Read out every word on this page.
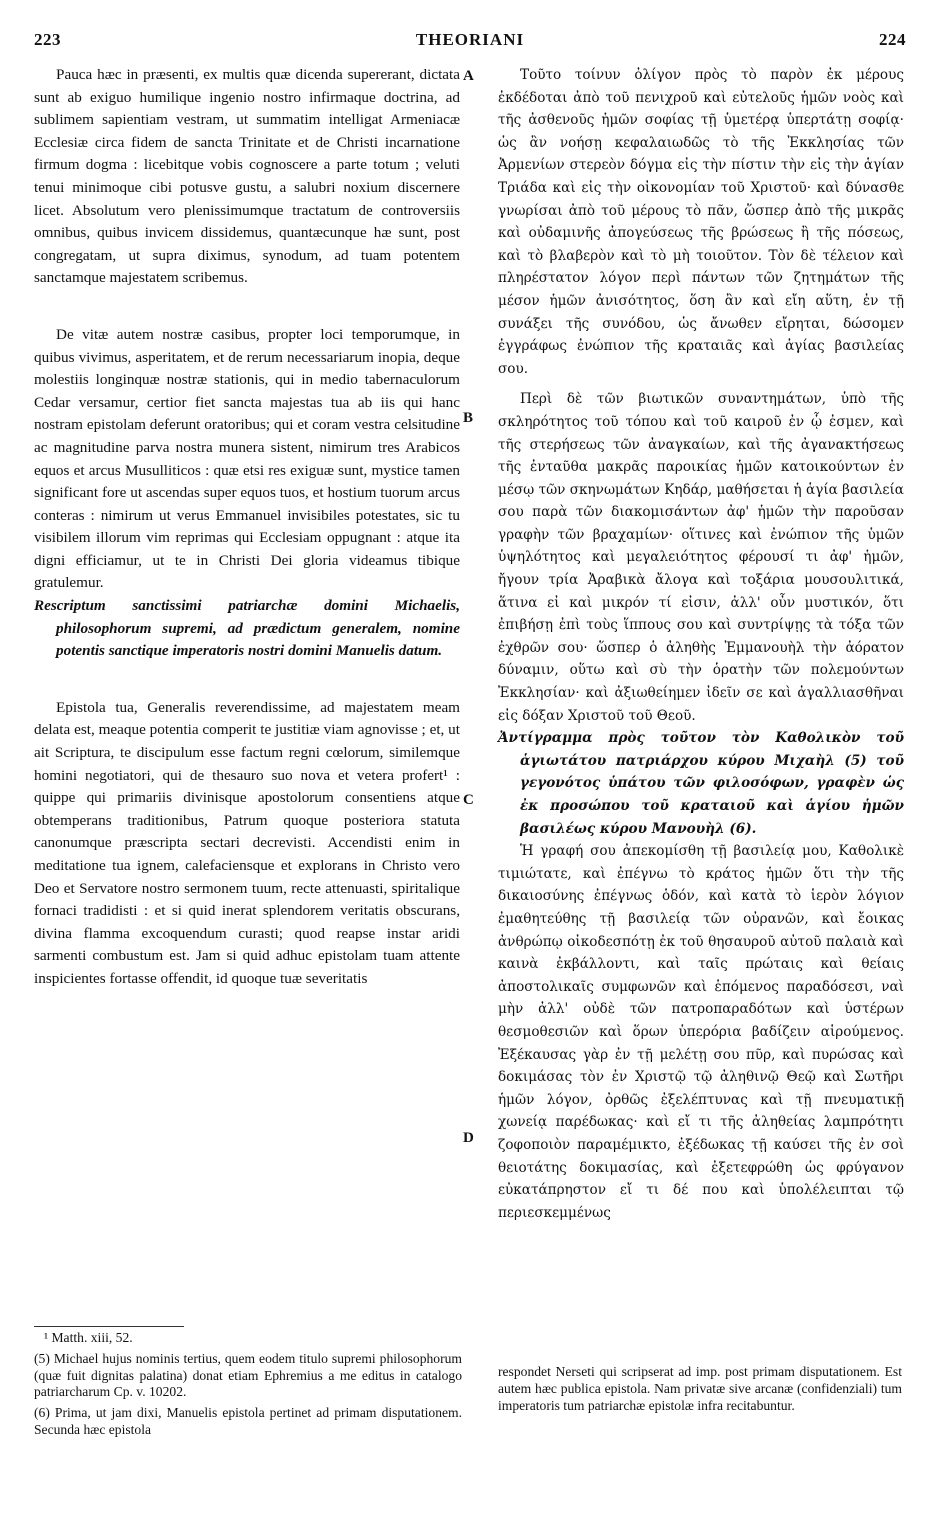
223	THEORIANI	224
A
B
C
D

Pauca hæc in præsenti, ex multis quæ dicenda supererant, dictata sunt ab exiguo humilique ingenio nostro infirmaque doctrina, ad sublimem sapientiam vestram, ut summatim intelligat Armeniacæ Ecclesiæ circa fidem de sancta Trinitate et de Christi incarnatione firmum dogma : licebitque vobis cognoscere a parte totum ; veluti tenui minimoque cibi potusve gustu, a salubri noxium discernere licet. Absolutum vero plenissimumque tractatum de controversiis omnibus, quibus invicem dissidemus, quantæcunque hæ sunt, post congregatam, ut supra diximus, synodum, ad tuam potentem sanctamque majestatem scribemus.

De vitæ autem nostræ casibus, propter loci temporumque, in quibus vivimus, asperitatem, et de rerum necessariarum inopia, deque molestiis longinquæ nostræ stationis, qui in medio tabernaculorum Cedar versamur, certior fiet sancta majestas tua ab iis qui hanc nostram epistolam deferunt oratoribus; qui et coram vestra celsitudine ac magnitudine parva nostra munera sistent, nimirum tres Arabicos equos et arcus Musulliticos : quæ etsi res exiguæ sunt, mystice tamen significant fore ut ascendas super equos tuos, et hostium tuorum arcus conteras : nimirum ut verus Emmanuel invisibiles potestates, sic tu visibilem illorum vim reprimas qui Ecclesiam oppugnant : atque ita digni efficiamur, ut te in Christi Dei gloria videamus tibique gratulemur.

Rescriptum sanctissimi patriarchæ domini Michaelis, philosophorum supremi, ad prædictum generalem, nomine potentis sanctique imperatoris nostri domini Manuelis datum.

Epistola tua, Generalis reverendissime, ad majestatem meam delata est, meaque potentia comperit te justitiæ viam agnovisse ; et, ut ait Scriptura, te discipulum esse factum regni cœlorum, similemque homini negotiatori, qui de thesauro suo nova et vetera profert¹ : quippe qui primariis divinisque apostolorum consentiens atque obtemperans traditionibus, Patrum quoque posteriora statuta canonumque præscripta sectari decrevisti. Accendisti enim in meditatione tua ignem, calefaciensque et explorans in Christo vero Deo et Servatore nostro sermonem tuum, recte attenuasti, spiritalique fornaci tradidisti : et si quid inerat splendorem veritatis obscurans, divina flamma excoquendum curasti; quod reapse instar aridi sarmenti combustum est. Jam si quid adhuc epistolam tuam attente inspicientes fortasse offendit, id quoque tuæ severitatis

Τοῦτο τοίνυν ὀλίγον πρὸς τὸ παρὸν ἐκ μέρους ἐκδέδοται ἀπὸ τοῦ πενιχροῦ καὶ εὐτελοῦς ἡμῶν νοὸς καὶ τῆς ἀσθενοῦς ἡμῶν σοφίας τῇ ὑμετέρᾳ ὑπερτάτῃ σοφίᾳ· ὡς ἂν νοήσῃ κεφαλαιωδῶς τὸ τῆς Ἐκκλησίας τῶν Ἀρμενίων στερεὸν δόγμα εἰς τὴν πίστιν τὴν εἰς τὴν ἁγίαν Τριάδα καὶ εἰς τὴν οἰκονομίαν τοῦ Χριστοῦ· καὶ δύνασθε γνωρίσαι ἀπὸ τοῦ μέρους τὸ πᾶν, ὥσπερ ἀπὸ τῆς μικρᾶς καὶ οὐδαμινῆς ἀπογεύσεως τῆς βρώσεως ἢ τῆς πόσεως, καὶ τὸ βλαβερὸν καὶ τὸ μὴ τοιοῦτον. Τὸν δὲ τέλειον καὶ πληρέστατον λόγον περὶ πάντων τῶν ζητημάτων τῆς μέσον ἡμῶν ἀνισότητος, ὅση ἂν καὶ εἴη αὕτη, ἐν τῇ συνάξει τῆς συνόδου, ὡς ἄνωθεν εἴρηται, δώσομεν ἐγγράφως ἐνώπιον τῆς κραταιᾶς καὶ ἁγίας βασιλείας σου.

Περὶ δὲ τῶν βιωτικῶν συναντημάτων, ὑπὸ τῆς σκληρότητος τοῦ τόπου καὶ τοῦ καιροῦ ἐν ᾧ ἐσμεν, καὶ τῆς στερήσεως τῶν ἀναγκαίων, καὶ τῆς ἀγανακτήσεως τῆς ἐνταῦθα μακρᾶς παροικίας ἡμῶν κατοικούντων ἐν μέσῳ τῶν σκηνωμάτων Κηδάρ, μαθήσεται ἡ ἁγία βασιλεία σου παρὰ τῶν διακομισάντων ἀφ' ἡμῶν τὴν παροῦσαν γραφὴν τῶν βραχαμίων· οἵτινες καὶ ἐνώπιον τῆς ὑμῶν ὑψηλότητος καὶ μεγαλειότητος φέρουσί τι ἀφ' ἡμῶν, ἤγουν τρία Ἀραβικὰ ἄλογα καὶ τοξάρια μουσουλιτικά, ἅτινα εἰ καὶ μικρόν τί εἰσιν, ἀλλ' οὖν μυστικόν, ὅτι ἐπιβήσῃ ἐπὶ τοὺς ἵππους σου καὶ συντρίψῃς τὰ τόξα τῶν ἐχθρῶν σου· ὥσπερ ὁ ἀληθὴς Ἐμμανουὴλ τὴν ἀόρατον δύναμιν, οὕτω καὶ σὺ τὴν ὁρατὴν τῶν πολεμούντων Ἐκκλησίαν· καὶ ἀξιωθείημεν ἰδεῖν σε καὶ ἀγαλλιασθῆναι εἰς δόξαν Χριστοῦ τοῦ Θεοῦ.

Ἀντίγραμμα πρὸς τοῦτον τὸν Καθολικὸν τοῦ ἁγιωτάτου πατριάρχου κύρου Μιχαὴλ (5) τοῦ γεγονότος ὑπάτου τῶν φιλοσόφων, γραφὲν ὡς ἐκ προσώπου τοῦ κραταιοῦ καὶ ἁγίου ἡμῶν βασιλέως κύρου Μανουὴλ (6).

Ἡ γραφή σου ἀπεκομίσθη τῇ βασιλείᾳ μου, Καθολικὲ τιμιώτατε, καὶ ἐπέγνω τὸ κράτος ἡμῶν ὅτι τὴν τῆς δικαιοσύνης ἐπέγνως ὁδόν, καὶ κατὰ τὸ ἱερὸν λόγιον ἐμαθητεύθης τῇ βασιλείᾳ τῶν οὐρανῶν, καὶ ἔοικας ἀνθρώπῳ οἰκοδεσπότῃ ἐκ τοῦ θησαυροῦ αὐτοῦ παλαιὰ καὶ καινὰ ἐκβάλλοντι, καὶ ταῖς πρώταις καὶ θείαις ἀποστολικαῖς συμφωνῶν καὶ ἑπόμενος παραδόσεσι, ναὶ μὴν ἀλλ' οὐδὲ τῶν πατροπαραδότων καὶ ὑστέρων θεσμοθεσιῶν καὶ ὅρων ὑπερόρια βαδίζειν αἱρούμενος. Ἐξέκαυσας γὰρ ἐν τῇ μελέτῃ σου πῦρ, καὶ πυρώσας καὶ δοκιμάσας τὸν ἐν Χριστῷ τῷ ἀληθινῷ Θεῷ καὶ Σωτῆρι ἡμῶν λόγον, ὀρθῶς ἐξελέπτυνας καὶ τῇ πνευματικῇ χωνείᾳ παρέδωκας· καὶ εἴ τι τῆς ἀληθείας λαμπρότητι ζοφοποιὸν παραμέμικτο, ἐξέδωκας τῇ καύσει τῆς ἐν σοὶ θειοτάτης δοκιμασίας, καὶ ἐξετεφρώθη ὡς φρύγανον εὐκατάπρηστον εἴ τι δέ που καὶ ὑπολέλειπται τῷ περιεσκεμμένως

¹ Matth. xiii, 52.

(5) Michael hujus nominis tertius, quem eodem titulo supremi philosophorum (quæ fuit dignitas palatina) donat etiam Ephremius a me editus in catalogo patriarcharum Cp. v. 10202.

(6) Prima, ut jam dixi, Manuelis epistola pertinet ad primam disputationem. Secunda hæc epistola

respondet Nerseti qui scripserat ad imp. post primam disputationem. Est autem hæc publica epistola. Nam privatæ sive arcanæ (confidenziali) tum imperatoris tum patriarchæ epistolæ infra recitabuntur.
